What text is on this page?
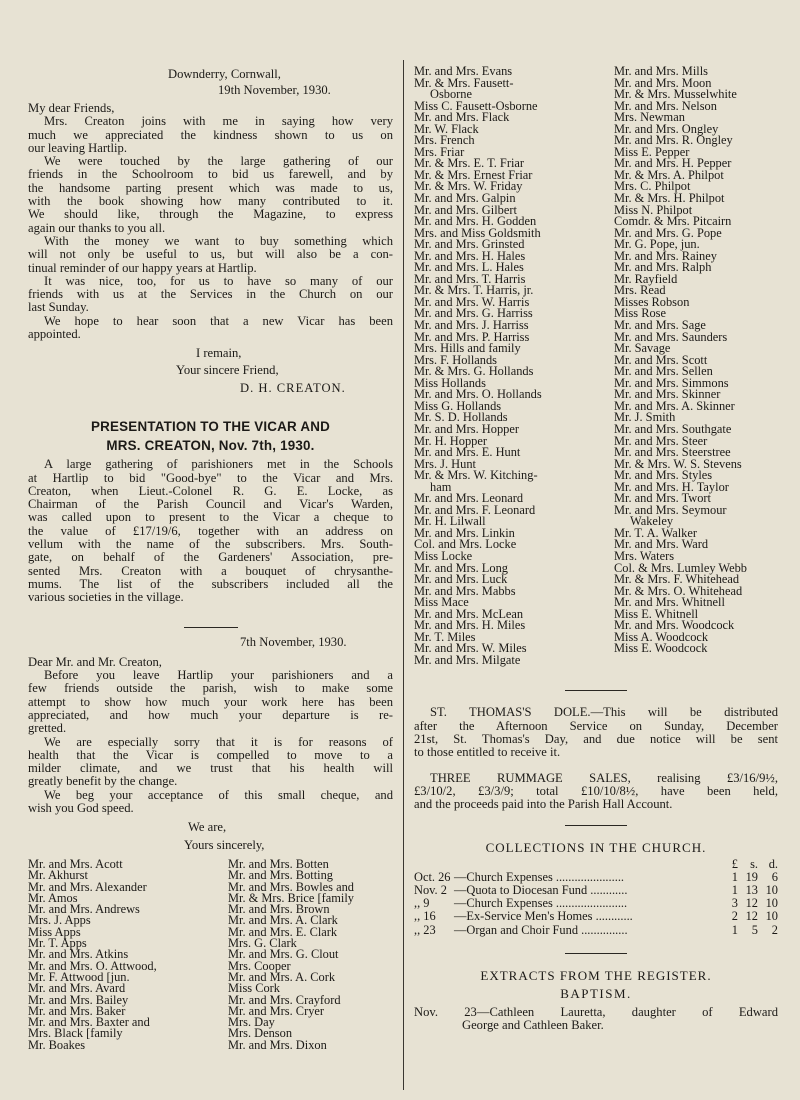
Downderry, Cornwall,

19th November, 1930.

My dear Friends,

Mrs. Creaton joins with me in saying how very

much we appreciated the kindness shown to us on

our leaving Hartlip.

We were touched by the large gathering of our

friends in the Schoolroom to bid us farewell, and by

the handsome parting present which was made to us,

with the book showing how many contributed to it.

We should like, through the Magazine, to express

again our thanks to you all.

With the money we want to buy something which

will not only be useful to us, but will also be a con-

tinual reminder of our happy years at Hartlip.

It was nice, too, for us to have so many of our

friends with us at the Services in the Church on our

last Sunday.

We hope to hear soon that a new Vicar has been

appointed.

I remain,

Your sincere Friend,

D. H. CREATON.

PRESENTATION TO THE VICAR AND

MRS. CREATON, Nov. 7th, 1930.

A large gathering of parishioners met in the Schools

at Hartlip to bid "Good-bye" to the Vicar and Mrs.

Creaton, when Lieut.-Colonel R. G. E. Locke, as

Chairman of the Parish Council and Vicar's Warden,

was called upon to present to the Vicar a cheque to

the value of £17/19/6, together with an address on

vellum with the name of the subscribers. Mrs. South-

gate, on behalf of the Gardeners' Association, pre-

sented Mrs. Creaton with a bouquet of chrysanthe-

mums. The list of the subscribers included all the

various societies in the village.

7th November, 1930.

Dear Mr. and Mr. Creaton,

Before you leave Hartlip your parishioners and a

few friends outside the parish, wish to make some

attempt to show how much your work here has been

appreciated, and how much your departure is re-

gretted.

We are especially sorry that it is for reasons of

health that the Vicar is compelled to move to a

milder climate, and we trust that his health will

greatly benefit by the change.

We beg your acceptance of this small cheque, and

wish you God speed.

We are,

Yours sincerely,

Mr. and Mrs. Acott
Mr. Akhurst
Mr. and Mrs. Alexander
Mr. Amos
Mr. and Mrs. Andrews
Mrs. J. Apps
Miss Apps
Mr. T. Apps
Mr. and Mrs. Atkins
Mr. and Mrs. O. Attwood,
Mr. F. Attwood [jun.
Mr. and Mrs. Avard
Mr. and Mrs. Bailey
Mr. and Mrs. Baker
Mr. and Mrs. Baxter and
Mrs. Black [family
Mr. Boakes
Mr. and Mrs. Botten
Mr. and Mrs. Botting
Mr. and Mrs. Bowles and
Mr. & Mrs. Brice [family
Mr. and Mrs. Brown
Mr. and Mrs. A. Clark
Mr. and Mrs. E. Clark
Mrs. G. Clark
Mr. and Mrs. G. Clout
Mrs. Cooper
Mr. and Mrs. A. Cork
Miss Cork
Mr. and Mrs. Crayford
Mr. and Mrs. Cryer
Mrs. Day
Mrs. Denson
Mr. and Mrs. Dixon
Mr. and Mrs. Evans
Mr. & Mrs. Fausett-
Osborne
Miss C. Fausett-Osborne
Mr. and Mrs. Flack
Mr. W. Flack
Mrs. French
Mrs. Friar
Mr. & Mrs. E. T. Friar
Mr. & Mrs. Ernest Friar
Mr. & Mrs. W. Friday
Mr. and Mrs. Galpin
Mr. and Mrs. Gilbert
Mr. and Mrs. H. Godden
Mrs. and Miss Goldsmith
Mr. and Mrs. Grinsted
Mr. and Mrs. H. Hales
Mr. and Mrs. L. Hales
Mr. and Mrs. T. Harris
Mr. & Mrs. T. Harris, jr.
Mr. and Mrs. W. Harris
Mr. and Mrs. G. Harriss
Mr. and Mrs. J. Harriss
Mr. and Mrs. P. Harriss
Mrs. Hills and family
Mrs. F. Hollands
Mr. & Mrs. G. Hollands
Miss Hollands
Mr. and Mrs. O. Hollands
Miss G. Hollands
Mr. S. D. Hollands
Mr. and Mrs. Hopper
Mr. H. Hopper
Mr. and Mrs. E. Hunt
Mrs. J. Hunt
Mr. & Mrs. W. Kitching-
ham
Mr. and Mrs. Leonard
Mr. and Mrs. F. Leonard
Mr. H. Lilwall
Mr. and Mrs. Linkin
Col. and Mrs. Locke
Miss Locke
Mr. and Mrs. Long
Mr. and Mrs. Luck
Mr. and Mrs. Mabbs
Miss Mace
Mr. and Mrs. McLean
Mr. and Mrs. H. Miles
Mr. T. Miles
Mr. and Mrs. W. Miles
Mr. and Mrs. Milgate
Mr. and Mrs. Mills
Mr. and Mrs. Moon
Mr. & Mrs. Musselwhite
Mr. and Mrs. Nelson
Mrs. Newman
Mr. and Mrs. Ongley
Mr. and Mrs. R. Ongley
Miss E. Pepper
Mr. and Mrs. H. Pepper
Mr. & Mrs. A. Philpot
Mrs. C. Philpot
Mr. & Mrs. H. Philpot
Miss N. Philpot
Comdr. & Mrs. Pitcairn
Mr. and Mrs. G. Pope
Mr. G. Pope, jun.
Mr. and Mrs. Rainey
Mr. and Mrs. Ralph
Mr. Rayfield
Mrs. Read
Misses Robson
Miss Rose
Mr. and Mrs. Sage
Mr. and Mrs. Saunders
Mr. Savage
Mr. and Mrs. Scott
Mr. and Mrs. Sellen
Mr. and Mrs. Simmons
Mr. and Mrs. Skinner
Mr. and Mrs. A. Skinner
Mr. J. Smith
Mr. and Mrs. Southgate
Mr. and Mrs. Steer
Mr. and Mrs. Steerstree
Mr. & Mrs. W. S. Stevens
Mr. and Mrs. Styles
Mr. and Mrs. H. Taylor
Mr. and Mrs. Twort
Mr. and Mrs. Seymour
Wakeley
Mr. T. A. Walker
Mr. and Mrs. Ward
Mrs. Waters
Col. & Mrs. Lumley Webb
Mr. & Mrs. F. Whitehead
Mr. & Mrs. O. Whitehead
Mr. and Mrs. Whitnell
Miss E. Whitnell
Mr. and Mrs. Woodcock
Miss A. Woodcock
Miss E. Woodcock

ST. THOMAS'S DOLE.—This will be distributed

after the Afternoon Service on Sunday, December

21st, St. Thomas's Day, and due notice will be sent

to those entitled to receive it.

THREE RUMMAGE SALES, realising £3/16/9½,

£3/10/2, £3/3/9; total £10/10/8½, have been held,

and the proceeds paid into the Parish Hall Account.

COLLECTIONS IN THE CHURCH.

		£	s.	d.
Oct. 26	—Church Expenses ......................	1	19	6
Nov. 2	—Quota to Diocesan Fund ............	1	13	10
,, 9	—Church Expenses .......................	3	12	10
,, 16	—Ex-Service Men's Homes ............	2	12	10
,, 23	—Organ and Choir Fund ...............	1	5	2

EXTRACTS FROM THE REGISTER.

BAPTISM.

Nov. 23—Cathleen Lauretta, daughter of Edward

George and Cathleen Baker.
